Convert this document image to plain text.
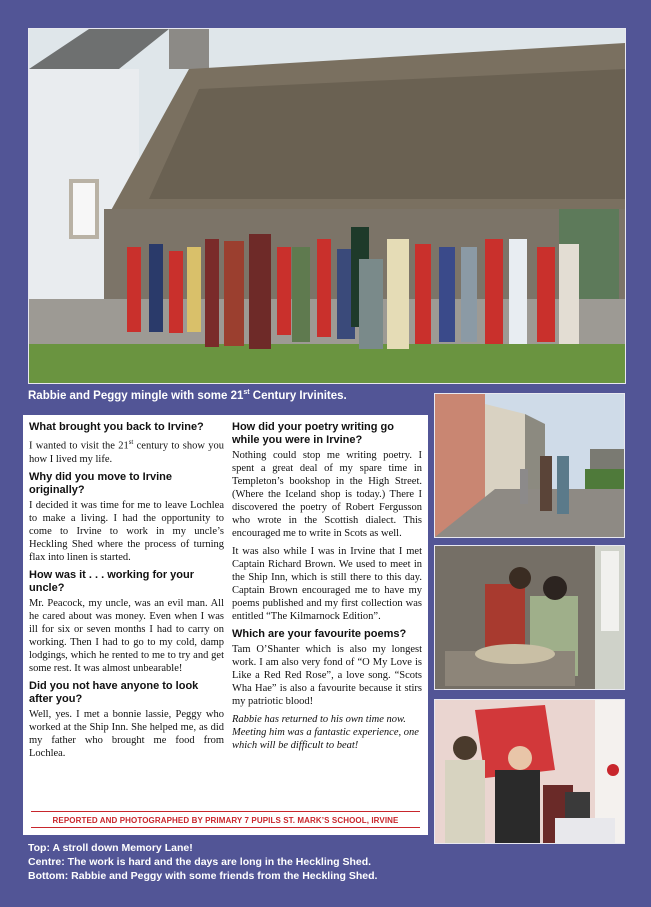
Rabbie and Peggy mingle with some 21st Century Irvinites.

What brought you back to Irvine?

I wanted to visit the 21st century to show you how I lived my life.

Why did you move to Irvine originally?

I decided it was time for me to leave Lochlea to make a living. I had the opportunity to come to Irvine to work in my uncle’s Heckling Shed where the process of turning flax into linen is started.

How was it . . . working for your uncle?

Mr. Peacock, my uncle, was an evil man. All he cared about was money. Even when I was ill for six or seven months I had to carry on working. Then I had to go to my cold, damp lodgings, which he rented to me to try and get some rest. It was almost unbearable!

Did you not have anyone to look after you?

Well, yes. I met a bonnie lassie, Peggy who worked at the Ship Inn. She helped me, as did my father who brought me food from Lochlea.

How did your poetry writing go while you were in Irvine?

Nothing could stop me writing poetry. I spent a great deal of my spare time in Templeton’s bookshop in the High Street. (Where the Iceland shop is today.) There I discovered the poetry of Robert Fergusson who wrote in the Scottish dialect. This encouraged me to write in Scots as well.

It was also while I was in Irvine that I met Captain Richard Brown. We used to meet in the Ship Inn, which is still there to this day. Captain Brown encouraged me to have my poems published and my first collection was entitled “The Kilmarnock Edition”.

Which are your favourite poems?

Tam O’Shanter which is also my longest work. I am also very fond of “O My Love is Like a Red Red Rose”, a love song. “Scots Wha Hae” is also a favourite because it stirs my patriotic blood!

Rabbie has returned to his own time now. Meeting him was a fantastic experience, one which will be difficult to beat!

REPORTED AND PHOTOGRAPHED BY PRIMARY 7 PUPILS ST. MARK’S SCHOOL, IRVINE
Top: A stroll down Memory Lane!
Centre: The work is hard and the days are long in the Heckling Shed.
Bottom: Rabbie and Peggy with some friends from the Heckling Shed.
